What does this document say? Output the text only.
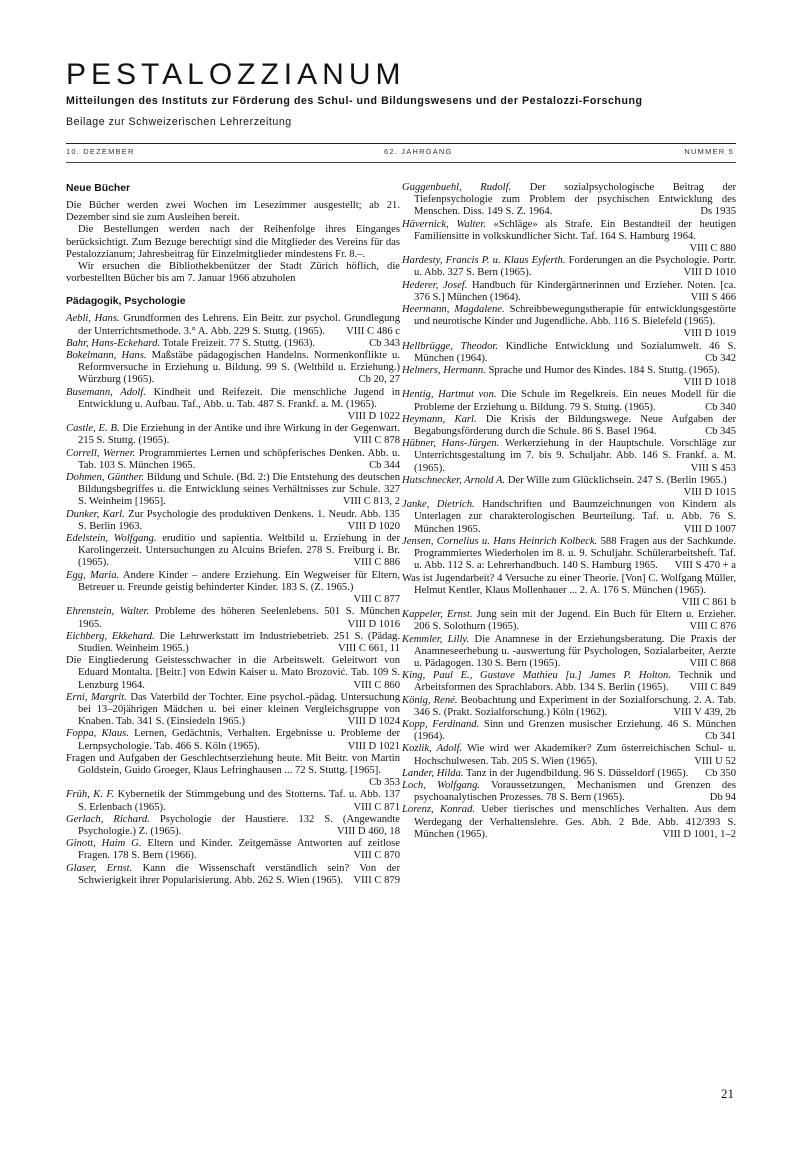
PESTALOZZIANUM
Mitteilungen des Instituts zur Förderung des Schul- und Bildungswesens und der Pestalozzi-Forschung
Beilage zur Schweizerischen Lehrerzeitung
10. DEZEMBER	62. JAHRGANG	NUMMER 5
Neue Bücher

Die Bücher werden zwei Wochen im Lesezimmer ausgestellt; ab 21. Dezember sind sie zum Ausleihen bereit.

Die Bestellungen werden nach der Reihenfolge ihres Einganges berücksichtigt. Zum Bezuge berechtigt sind die Mitglieder des Vereins für das Pestalozzianum; Jahresbeitrag für Einzelmitglieder mindestens Fr. 8.–.

Wir ersuchen die Bibliothekbenützer der Stadt Zürich höflich, die vorbestellten Bücher bis am 7. Januar 1966 abzuholen

Pädagogik, Psychologie

Aebli, Hans. Grundformen des Lehrens. Ein Beitr. zur psychol. Grundlegung der Unterrichtsmethode. 3.° A. Abb. 229 S. Stuttg. (1965). VIII C 486 c

Bahr, Hans-Eckehard. Totale Freizeit. 77 S. Stuttg. (1963).	Cb 343

Bokelmann, Hans. Maßstäbe pädagogischen Handelns. Normenkonflikte u. Reformversuche in Erziehung u. Bildung. 99 S. (Weltbild u. Erziehung.) Würzburg (1965).	Cb 20, 27

Busemann, Adolf. Kindheit und Reifezeit. Die menschliche Jugend in Entwicklung u. Aufbau. Taf., Abb. u. Tab. 487 S. Frankf. a. M. (1965).
VIII D 1022

Castle, E. B. Die Erziehung in der Antike und ihre Wirkung in der Gegenwart. 215 S. Stuttg. (1965).	VIII C 878

Correll, Werner. Programmiertes Lernen und schöpferisches Denken. Abb. u. Tab. 103 S. München 1965.	Cb 344

Dohmen, Günther. Bildung und Schule. (Bd. 2:) Die Entstehung des deutschen Bildungsbegriffes u. die Entwicklung seines Verhältnisses zur Schule. 327 S. Weinheim [1965].	VIII C 813, 2

Dunker, Karl. Zur Psychologie des produktiven Denkens. 1. Neudr. Abb. 135 S. Berlin 1963.	VIII D 1020

Edelstein, Wolfgang. eruditio und sapientia. Weltbild u. Erziehung in der Karolingerzeit. Untersuchungen zu Alcuins Briefen. 278 S. Freiburg i. Br. (1965).	VIII C 886

Egg, Maria. Andere Kinder – andere Erziehung. Ein Wegweiser für Eltern, Betreuer u. Freunde geistig behinderter Kinder. 183 S. (Z. 1965.)
VIII C 877

Ehrenstein, Walter. Probleme des höheren Seelenlebens. 501 S. München 1965.	VIII D 1016

Eichberg, Ekkehard. Die Lehrwerkstatt im Industriebetrieb. 251 S. (Pädag. Studien. Weinheim 1965.)	VIII C 661, 11

Die Eingliederung Geistesschwacher in die Arbeitswelt. Geleitwort von Eduard Montalta. [Beitr.] von Edwin Kaiser u. Mato Brozović. Tab. 109 S. Lenzburg 1964.	VIII C 860

Erni, Margrit. Das Vaterbild der Tochter. Eine psychol.-pädag. Untersuchung bei 13–20jährigen Mädchen u. bei einer kleinen Vergleichsgruppe von Knaben. Tab. 341 S. (Einsiedeln 1965.)	VIII D 1024

Foppa, Klaus. Lernen, Gedächtnis, Verhalten. Ergebnisse u. Probleme der Lernpsychologie. Tab. 466 S. Köln (1965).	VIII D 1021

Fragen und Aufgaben der Geschlechtserziehung heute. Mit Beitr. von Martin Goldstein, Guido Groeger, Klaus Lefringhausen ... 72 S. Stuttg. [1965].
Cb 353

Früh, K. F. Kybernetik der Stimmgebung und des Stotterns. Taf. u. Abb. 137 S. Erlenbach (1965).	VIII C 871

Gerlach, Richard. Psychologie der Haustiere. 132 S. (Angewandte Psychologie.) Z. (1965).	VIII D 460, 18

Ginott, Haim G. Eltern und Kinder. Zeitgemässe Antworten auf zeitlose Fragen. 178 S. Bern (1966).	VIII C 870

Glaser, Ernst. Kann die Wissenschaft verständlich sein? Von der Schwierigkeit ihrer Popularisierung. Abb. 262 S. Wien (1965). VIII C 879

Guggenbuehl, Rudolf. Der sozialpsychologische Beitrag der Tiefenpsychologie zum Problem der psychischen Entwicklung des Menschen. Diss. 149 S. Z. 1964.	Ds 1935

Hävernick, Walter. «Schläge» als Strafe. Ein Bestandteil der heutigen Familiensitte in volkskundlicher Sicht. Taf. 164 S. Hamburg 1964.
VIII C 880

Hardesty, Francis P. u. Klaus Eyferth. Forderungen an die Psychologie. Portr. u. Abb. 327 S. Bern (1965).	VIII D 1010

Hederer, Josef. Handbuch für Kindergärtnerinnen und Erzieher. Noten. [ca. 376 S.] München (1964).	VIII S 466

Heermann, Magdalene. Schreibbewegungstherapie für entwicklungsgestörte und neurotische Kinder und Jugendliche. Abb. 116 S. Bielefeld (1965).
VIII D 1019

Hellbrügge, Theodor. Kindliche Entwicklung und Sozialumwelt. 46 S. München (1964).	Cb 342

Helmers, Hermann. Sprache und Humor des Kindes. 184 S. Stuttg. (1965).
VIII D 1018

Hentig, Hartmut von. Die Schule im Regelkreis. Ein neues Modell für die Probleme der Erziehung u. Bildung. 79 S. Stuttg. (1965).	Cb 340

Heymann, Karl. Die Krisis der Bildungswege. Neue Aufgaben der Begabungsförderung durch die Schule. 86 S. Basel 1964.	Cb 345

Hübner, Hans-Jürgen. Werkerziehung in der Hauptschule. Vorschläge zur Unterrichtsgestaltung im 7. bis 9. Schuljahr. Abb. 146 S. Frankf. a. M. (1965).	VIII S 453

Hutschnecker, Arnold A. Der Wille zum Glücklichsein. 247 S. (Berlin 1965.)
VIII D 1015

Janke, Dietrich. Handschriften und Baumzeichnungen von Kindern als Unterlagen zur charakterologischen Beurteilung. Taf. u. Abb. 76 S. München 1965.	VIII D 1007

Jensen, Cornelius u. Hans Heinrich Kolbeck. 588 Fragen aus der Sachkunde. Programmiertes Wiederholen im 8. u. 9. Schuljahr. Schülerarbeitsheft. Taf. u. Abb. 112 S. a: Lehrerhandbuch. 140 S. Hamburg 1965. VIII S 470 + a

Was ist Jugendarbeit? 4 Versuche zu einer Theorie. [Von] C. Wolfgang Müller, Helmut Kentler, Klaus Mollenhauer ... 2. A. 176 S. München (1965).
VIII C 861 b

Kappeler, Ernst. Jung sein mit der Jugend. Ein Buch für Eltern u. Erzieher. 206 S. Solothurn (1965).	VIII C 876

Kemmler, Lilly. Die Anamnese in der Erziehungsberatung. Die Praxis der Anamneseerhebung u. -auswertung für Psychologen, Sozialarbeiter, Aerzte u. Pädagogen. 130 S. Bern (1965).	VIII C 868

King, Paul E., Gustave Mathieu [u.] James P. Holton. Technik und Arbeitsformen des Sprachlabors. Abb. 134 S. Berlin (1965). VIII C 849

König, René. Beobachtung und Experiment in der Sozialforschung. 2. A. Tab. 346 S. (Prakt. Sozialforschung.) Köln (1962).	VIII V 439, 2b

Kopp, Ferdinand. Sinn und Grenzen musischer Erziehung. 46 S. München (1964).	Cb 341

Kozlik, Adolf. Wie wird wer Akademiker? Zum österreichischen Schul- u. Hochschulwesen. Tab. 205 S. Wien (1965).	VIII U 52

Lander, Hilda. Tanz in der Jugendbildung. 96 S. Düsseldorf (1965). Cb 350

Loch, Wolfgang. Voraussetzungen, Mechanismen und Grenzen des psychoanalytischen Prozesses. 78 S. Bern (1965).	Db 94

Lorenz, Konrad. Ueber tierisches und menschliches Verhalten. Aus dem Werdegang der Verhaltenslehre. Ges. Abh. 2 Bde. Abb. 412/393 S. München (1965).	VIII D 1001, 1–2

21
